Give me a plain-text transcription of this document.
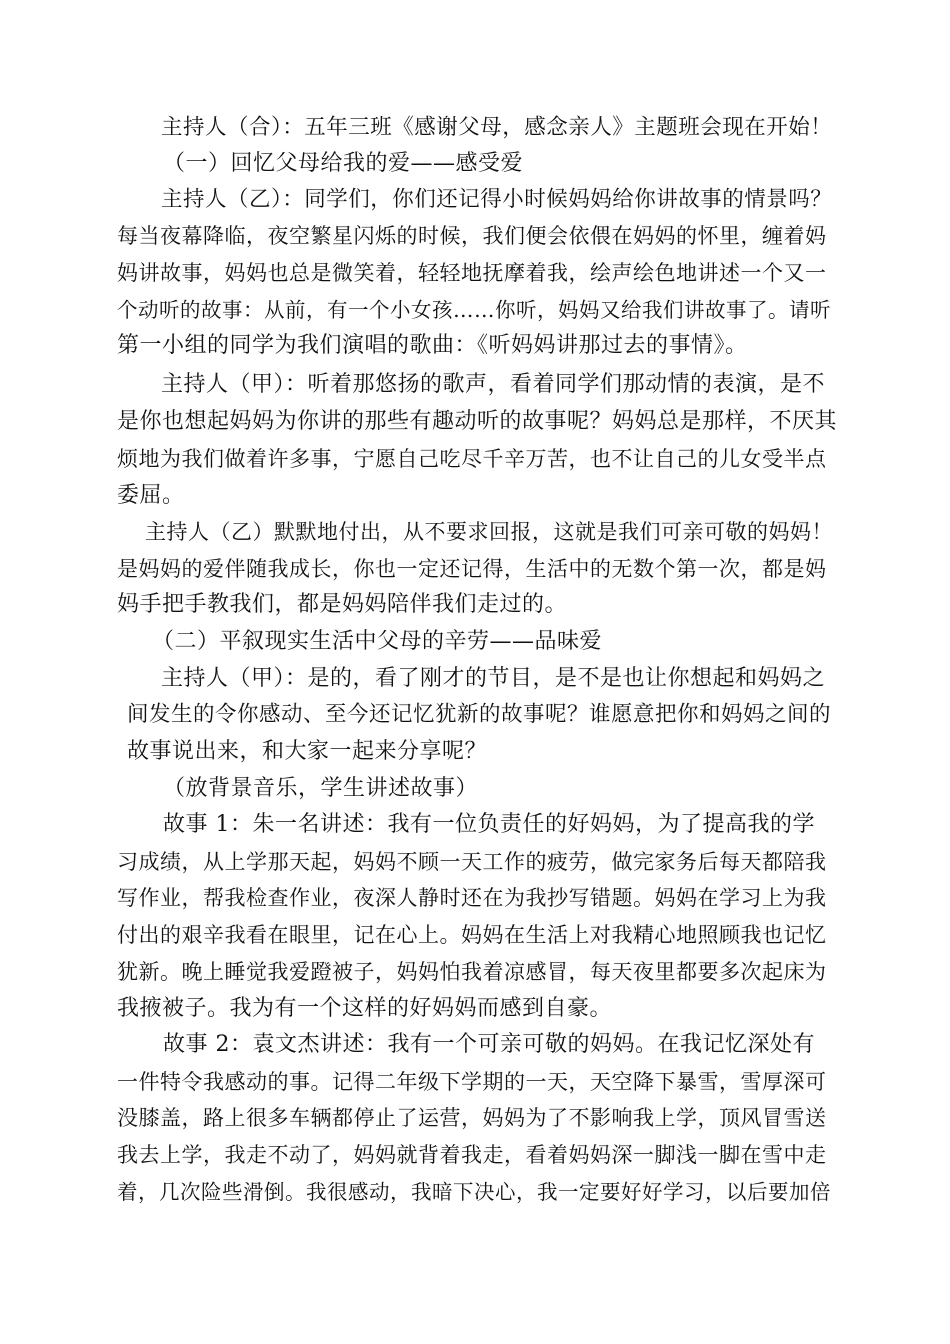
主持人（合）：五年三班《感谢父母，感念亲人》主题班会现在开始！
（一）回忆父母给我的爱——感受爱
主持人（乙）：同学们，你们还记得小时候妈妈给你讲故事的情景吗？
每当夜幕降临，夜空繁星闪烁的时候，我们便会依偎在妈妈的怀里，缠着妈
妈讲故事，妈妈也总是微笑着，轻轻地抚摩着我，绘声绘色地讲述一个又一
个动听的故事：从前，有一个小女孩……你听，妈妈又给我们讲故事了。请听
第一小组的同学为我们演唱的歌曲：《听妈妈讲那过去的事情》。
主持人（甲）：听着那悠扬的歌声，看着同学们那动情的表演，是不
是你也想起妈妈为你讲的那些有趣动听的故事呢？妈妈总是那样，不厌其
烦地为我们做着许多事，宁愿自己吃尽千辛万苦，也不让自己的儿女受半点
委屈。
主持人（乙）默默地付出，从不要求回报，这就是我们可亲可敬的妈妈！
是妈妈的爱伴随我成长，你也一定还记得，生活中的无数个第一次，都是妈
妈手把手教我们，都是妈妈陪伴我们走过的。
（二）平叙现实生活中父母的辛劳——品味爱
主持人（甲）：是的，看了刚才的节目，是不是也让你想起和妈妈之
间发生的令你感动、至今还记忆犹新的故事呢？谁愿意把你和妈妈之间的
故事说出来，和大家一起来分享呢？
（放背景音乐，学生讲述故事）
故事 1：朱一名讲述：我有一位负责任的好妈妈，为了提高我的学
习成绩，从上学那天起，妈妈不顾一天工作的疲劳，做完家务后每天都陪我
写作业，帮我检查作业，夜深人静时还在为我抄写错题。妈妈在学习上为我
付出的艰辛我看在眼里，记在心上。妈妈在生活上对我精心地照顾我也记忆
犹新。晚上睡觉我爱蹬被子，妈妈怕我着凉感冒，每天夜里都要多次起床为
我掖被子。我为有一个这样的好妈妈而感到自豪。
故事 2：袁文杰讲述：我有一个可亲可敬的妈妈。在我记忆深处有
一件特令我感动的事。记得二年级下学期的一天，天空降下暴雪，雪厚深可
没膝盖，路上很多车辆都停止了运营，妈妈为了不影响我上学，顶风冒雪送
我去上学，我走不动了，妈妈就背着我走，看着妈妈深一脚浅一脚在雪中走
着，几次险些滑倒。我很感动，我暗下决心，我一定要好好学习，以后要加倍
